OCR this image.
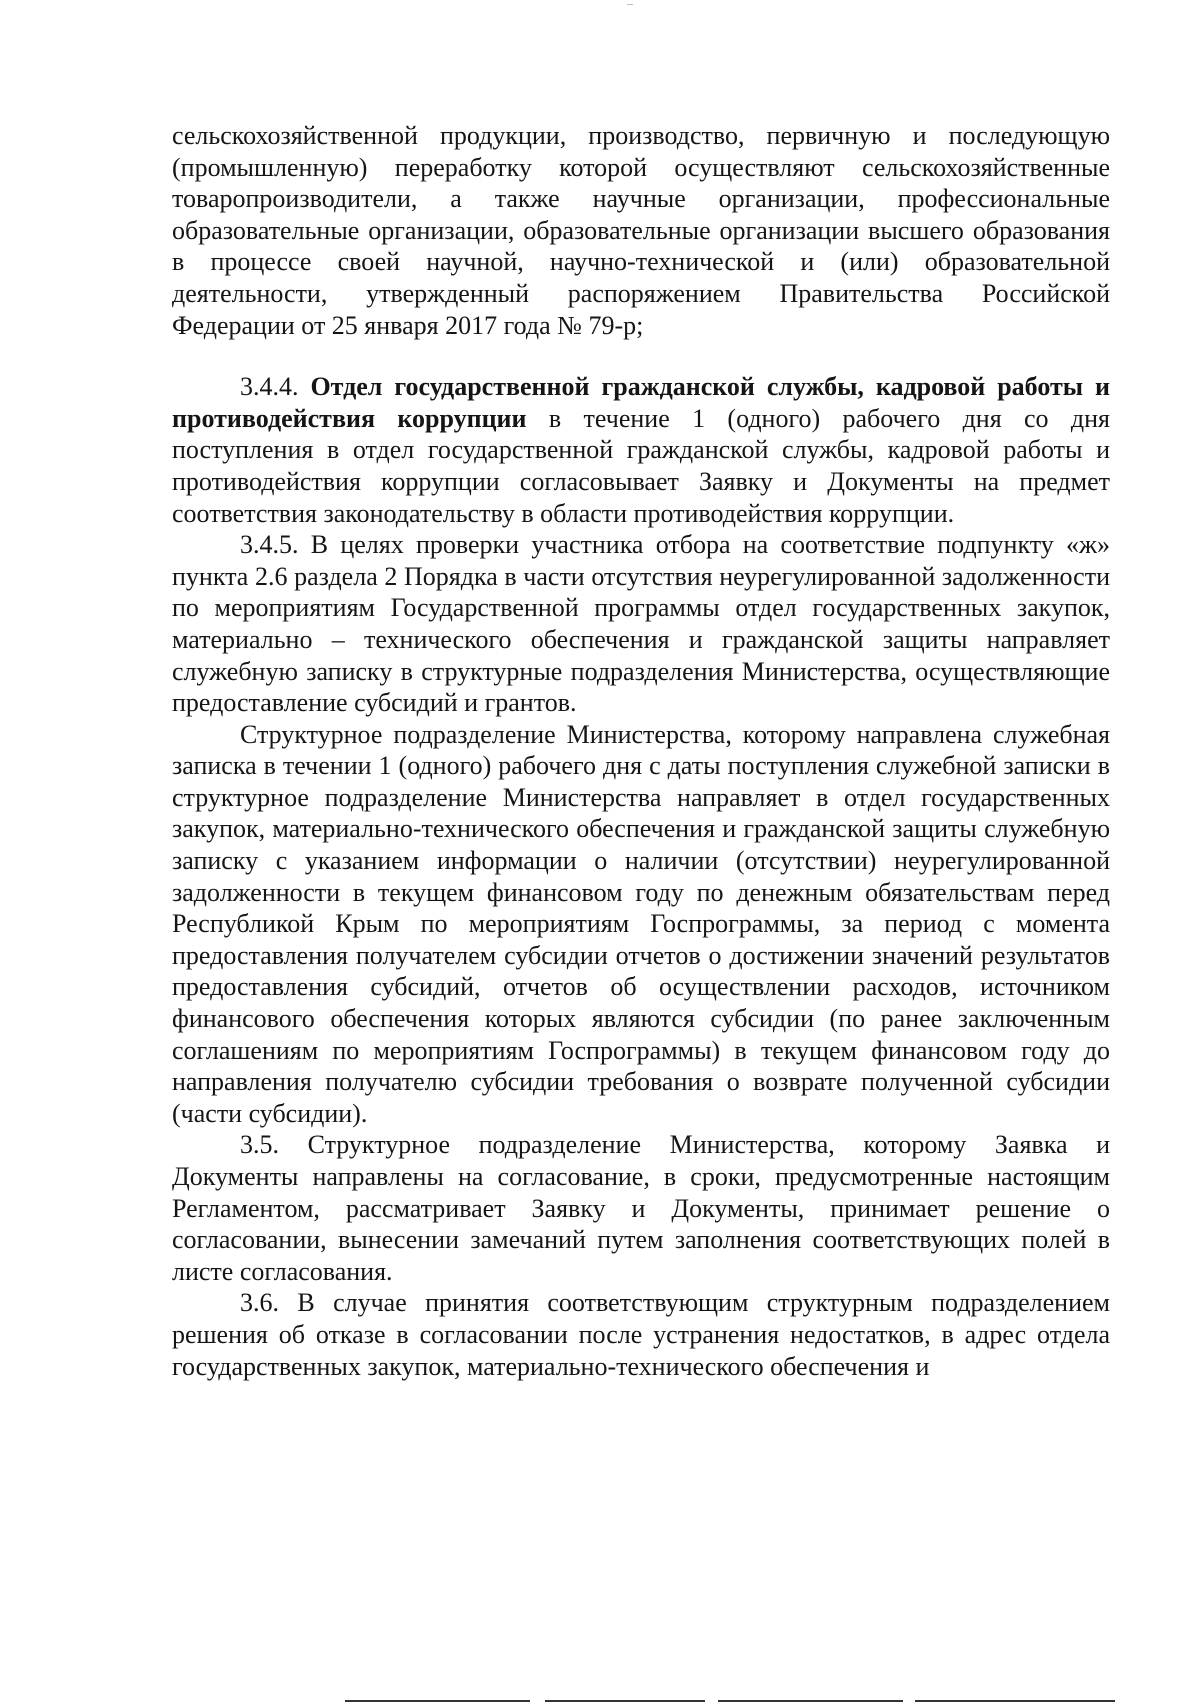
сельскохозяйственной продукции, производство, первичную и последующую (промышленную) переработку которой осуществляют сельскохозяйственные товаропроизводители, а также научные организации, профессиональные образовательные организации, образовательные организации высшего образования в процессе своей научной, научно-технической и (или) образовательной деятельности, утвержденный распоряжением Правительства Российской Федерации от 25 января 2017 года № 79-р;

3.4.4. Отдел государственной гражданской службы, кадровой работы и противодействия коррупции в течение 1 (одного) рабочего дня со дня поступления в отдел государственной гражданской службы, кадровой работы и противодействия коррупции согласовывает Заявку и Документы на предмет соответствия законодательству в области противодействия коррупции.

3.4.5. В целях проверки участника отбора на соответствие подпункту «ж» пункта 2.6 раздела 2 Порядка в части отсутствия неурегулированной задолженности по мероприятиям Государственной программы отдел государственных закупок, материально – технического обеспечения и гражданской защиты направляет служебную записку в структурные подразделения Министерства, осуществляющие предоставление субсидий и грантов.

Структурное подразделение Министерства, которому направлена служебная записка в течении 1 (одного) рабочего дня с даты поступления служебной записки в структурное подразделение Министерства направляет в отдел государственных закупок, материально-технического обеспечения и гражданской защиты служебную записку с указанием информации о наличии (отсутствии) неурегулированной задолженности в текущем финансовом году по денежным обязательствам перед Республикой Крым по мероприятиям Госпрограммы, за период с момента предоставления получателем субсидии отчетов о достижении значений результатов предоставления субсидий, отчетов об осуществлении расходов, источником финансового обеспечения которых являются субсидии (по ранее заключенным соглашениям по мероприятиям Госпрограммы) в текущем финансовом году до направления получателю субсидии требования о возврате полученной субсидии (части субсидии).

3.5. Структурное подразделение Министерства, которому Заявка и Документы направлены на согласование, в сроки, предусмотренные настоящим Регламентом, рассматривает Заявку и Документы, принимает решение о согласовании, вынесении замечаний путем заполнения соответствующих полей в листе согласования.

3.6. В случае принятия соответствующим структурным подразделением решения об отказе в согласовании после устранения недостатков, в адрес отдела государственных закупок, материально-технического обеспечения и
